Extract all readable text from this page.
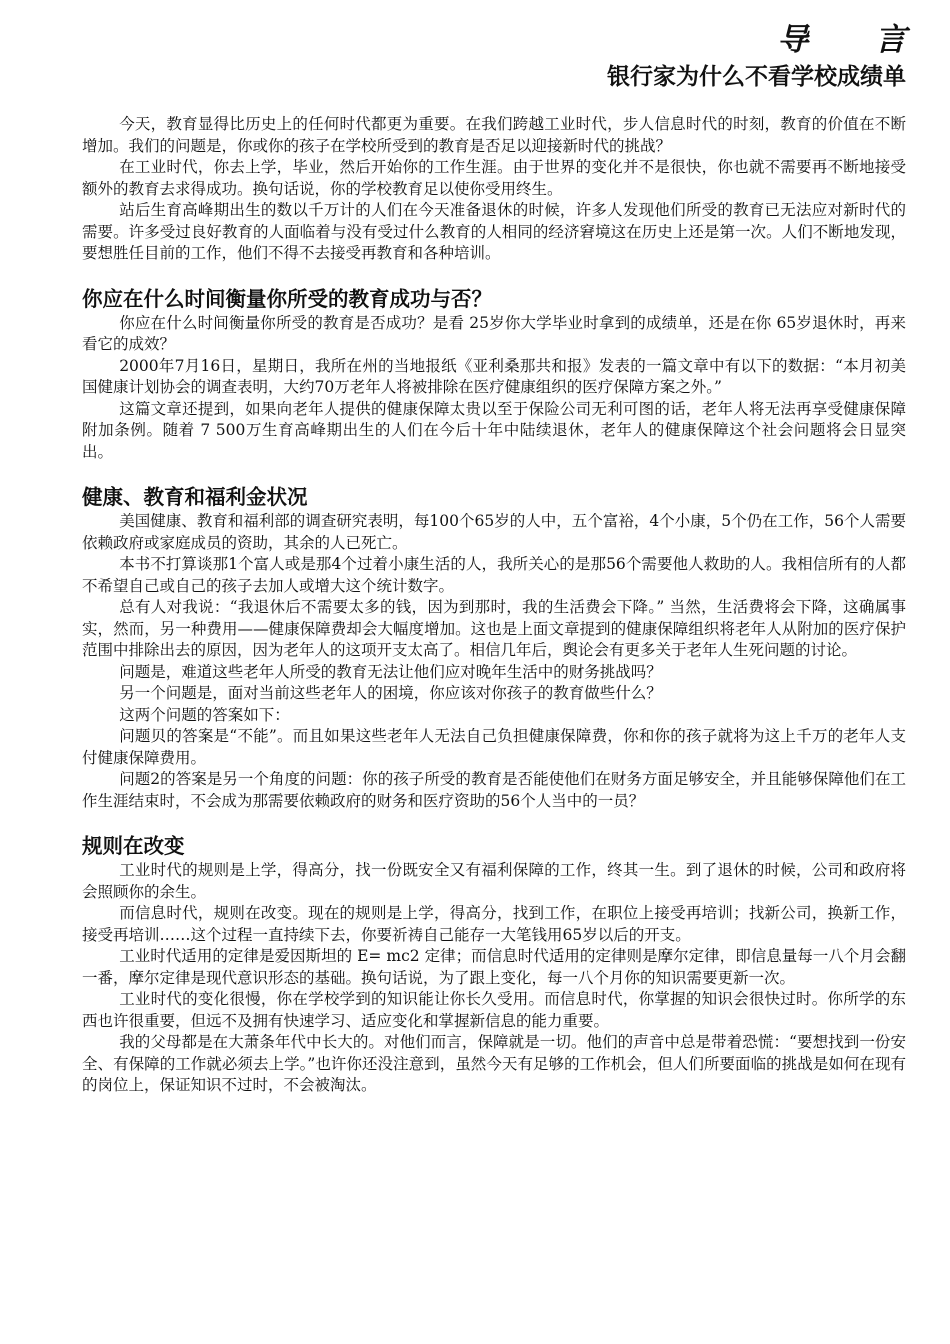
导 言
银行家为什么不看学校成绩单

今天，教育显得比历史上的任何时代都更为重要。在我们跨越工业时代，步人信息时代的时刻，教育的价值在不断增加。我们的问题是，你或你的孩子在学校所受到的教育是否足以迎接新时代的挑战？

在工业时代，你去上学，毕业，然后开始你的工作生涯。由于世界的变化并不是很快，你也就不需要再不断地接受额外的教育去求得成功。换句话说，你的学校教育足以使你受用终生。

站后生育高峰期出生的数以千万计的人们在今天准备退休的时候，许多人发现他们所受的教育已无法应对新时代的需要。许多受过良好教育的人面临着与没有受过什么教育的人相同的经济窘境这在历史上还是第一次。人们不断地发现，要想胜任目前的工作，他们不得不去接受再教育和各种培训。

你应在什么时间衡量你所受的教育成功与否？

你应在什么时间衡量你所受的教育是否成功？是看 25岁你大学毕业时拿到的成绩单，还是在你 65岁退休时，再来看它的成效？

2000年7月16日，星期日，我所在州的当地报纸《亚利桑那共和报》发表的一篇文章中有以下的数据：“本月初美国健康计划协会的调查表明，大约70万老年人将被排除在医疗健康组织的医疗保障方案之外。”

这篇文章还提到，如果向老年人提供的健康保障太贵以至于保险公司无利可图的话，老年人将无法再享受健康保障附加条例。随着 7 500万生育高峰期出生的人们在今后十年中陆续退休，老年人的健康保障这个社会问题将会日显突出。

健康、教育和福利金状况

美国健康、教育和福利部的调查研究表明，每100个65岁的人中，五个富裕，4个小康，5个仍在工作，56个人需要依赖政府或家庭成员的资助，其余的人已死亡。

本书不打算谈那1个富人或是那4个过着小康生活的人，我所关心的是那56个需要他人救助的人。我相信所有的人都不希望自己或自己的孩子去加人或增大这个统计数字。

总有人对我说：“我退休后不需要太多的钱，因为到那时，我的生活费会下降。” 当然，生活费将会下降，这确属事实，然而，另一种费用——健康保障费却会大幅度增加。这也是上面文章提到的健康保障组织将老年人从附加的医疗保护范围中排除出去的原因，因为老年人的这项开支太高了。相信几年后，舆论会有更多关于老年人生死问题的讨论。

问题是，难道这些老年人所受的教育无法让他们应对晚年生活中的财务挑战吗？

另一个问题是，面对当前这些老年人的困境，你应该对你孩子的教育做些什么？

这两个问题的答案如下：

问题贝的答案是“不能”。而且如果这些老年人无法自己负担健康保障费，你和你的孩子就将为这上千万的老年人支付健康保障费用。

问题2的答案是另一个角度的问题：你的孩子所受的教育是否能使他们在财务方面足够安全，并且能够保障他们在工作生涯结束时，不会成为那需要依赖政府的财务和医疗资助的56个人当中的一员？

规则在改变

工业时代的规则是上学，得高分，找一份既安全又有福利保障的工作，终其一生。到了退休的时候，公司和政府将会照顾你的余生。

而信息时代，规则在改变。现在的规则是上学，得高分，找到工作，在职位上接受再培训；找新公司，换新工作，接受再培训……这个过程一直持续下去，你要祈祷自己能存一大笔钱用65岁以后的开支。

工业时代适用的定律是爱因斯坦的 E= mc2 定律；而信息时代适用的定律则是摩尔定律，即信息量每一八个月会翻一番，摩尔定律是现代意识形态的基础。换句话说，为了跟上变化，每一八个月你的知识需要更新一次。

工业时代的变化很慢，你在学校学到的知识能让你长久受用。而信息时代，你掌握的知识会很快过时。你所学的东西也许很重要，但远不及拥有快速学习、适应变化和掌握新信息的能力重要。

我的父母都是在大萧条年代中长大的。对他们而言，保障就是一切。他们的声音中总是带着恐慌：“要想找到一份安全、有保障的工作就必须去上学。”也许你还没注意到，虽然今天有足够的工作机会，但人们所要面临的挑战是如何在现有的岗位上，保证知识不过时，不会被淘汰。
